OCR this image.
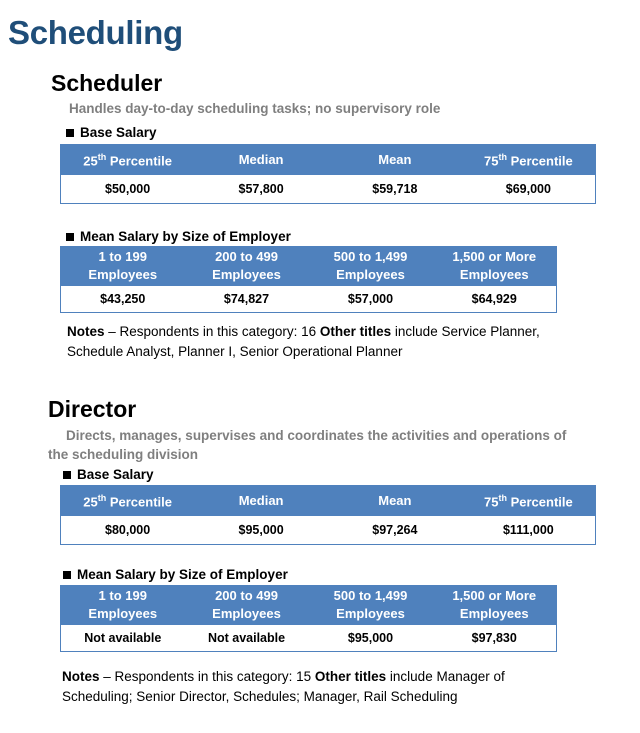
Scheduling
Scheduler
Handles day-to-day scheduling tasks; no supervisory role
Base Salary
25th Percentile	Median	Mean	75th Percentile
$50,000	$57,800	$59,718	$69,000
Mean Salary by Size of Employer
1 to 199
Employees	200 to 499
Employees	500 to 1,499
Employees	1,500 or More
Employees
$43,250	$74,827	$57,000	$64,929
Notes – Respondents in this category: 16 Other titles include Service Planner,
Schedule Analyst, Planner I, Senior Operational Planner
Director
Directs, manages, supervises and coordinates the activities and operations of
the scheduling division
Base Salary
25th Percentile	Median	Mean	75th Percentile
$80,000	$95,000	$97,264	$111,000
Mean Salary by Size of Employer
1 to 199
Employees	200 to 499
Employees	500 to 1,499
Employees	1,500 or More
Employees
Not available	Not available	$95,000	$97,830
Notes – Respondents in this category: 15 Other titles include Manager of
Scheduling; Senior Director, Schedules; Manager, Rail Scheduling
